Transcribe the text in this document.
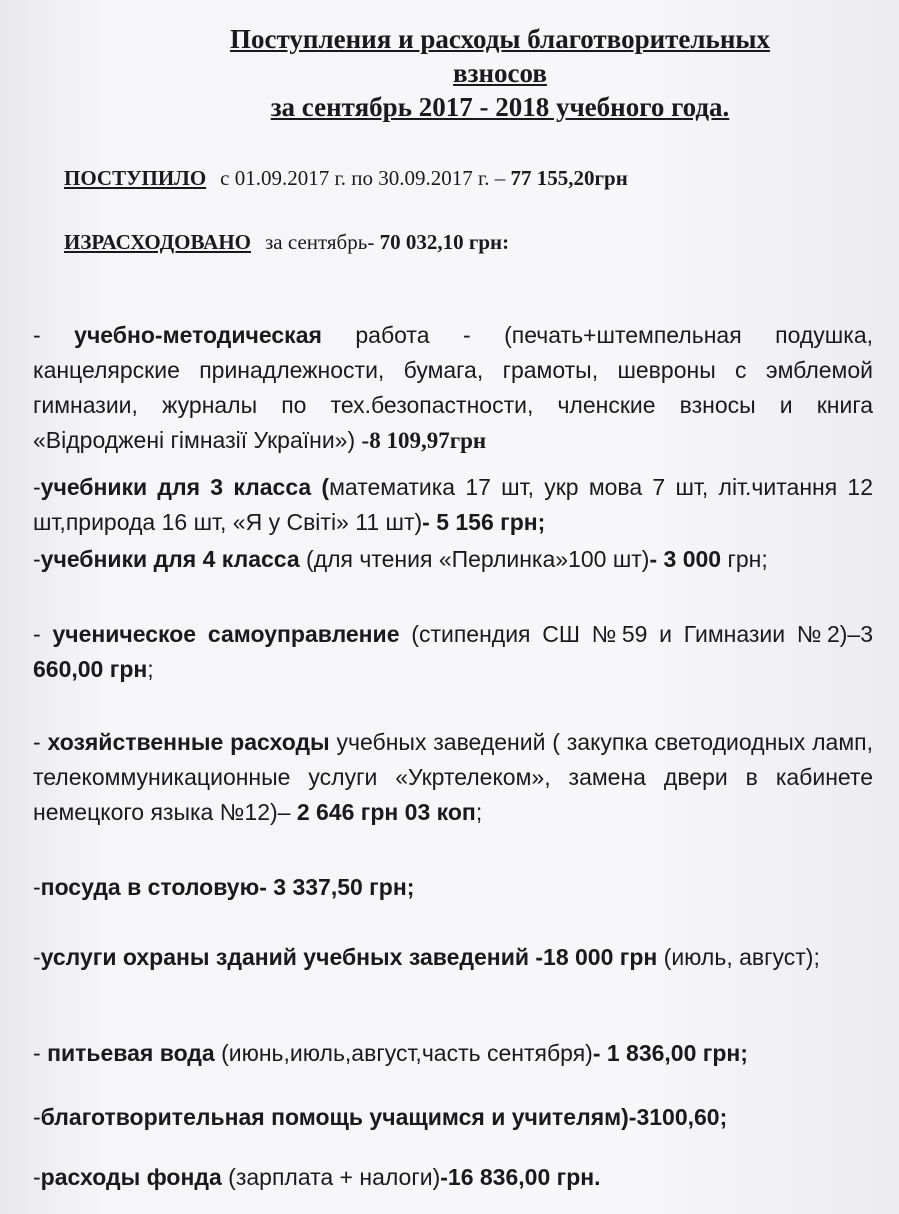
Поступления и расходы благотворительных
взносов
за сентябрь 2017 - 2018 учебного года.
ПОСТУПИЛО с 01.09.2017 г. по 30.09.2017 г. – 77 155,20грн
ИЗРАСХОДОВАНО за сентябрь- 70 032,10 грн:
- учебно-методическая работа - (печать+штемпельная подушка, канцелярские принадлежности, бумага, грамоты, шевроны с эмблемой гимназии, журналы по тех.безопастности, членские взносы и книга «Відроджені гімназії України») -8 109,97грн
-учебники для 3 класса (математика 17 шт, укр мова 7 шт, літ.читання 12 шт,природа 16 шт, «Я у Світі» 11 шт)- 5 156 грн;
-учебники для 4 класса (для чтения «Перлинка»100 шт)- 3 000 грн;
- ученическое самоуправление (стипендия СШ №59 и Гимназии №2)–3 660,00 грн;
- хозяйственные расходы учебных заведений ( закупка светодиодных ламп, телекоммуникационные услуги «Укртелеком», замена двери в кабинете немецкого языка №12)– 2 646 грн 03 коп;
-посуда в столовую- 3 337,50 грн;
-услуги охраны зданий учебных заведений -18 000 грн (июль, август);
- питьевая вода (июнь,июль,август,часть сентября)- 1 836,00 грн;
-благотворительная помощь учащимся и учителям)-3100,60;
-расходы фонда (зарплата + налоги)-16 836,00 грн.
